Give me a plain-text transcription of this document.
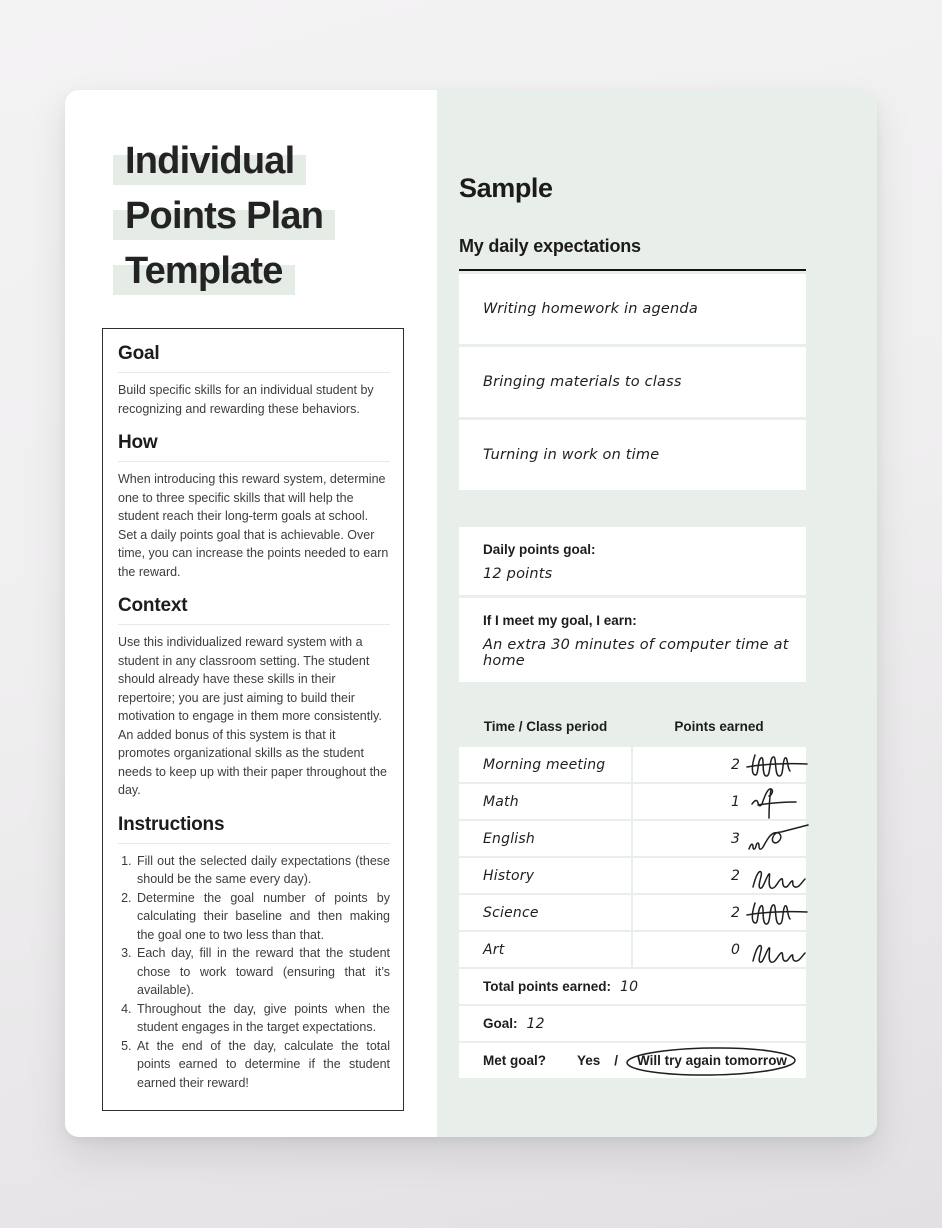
Individual
Points Plan
Template
Goal

Build specific skills for an individual student by recognizing and rewarding these behaviors.

How

When introducing this reward system, determine one to three specific skills that will help the student reach their long-term goals at school. Set a daily points goal that is achievable. Over time, you can increase the points needed to earn the reward.

Context

Use this individualized reward system with a student in any classroom setting. The student should already have these skills in their repertoire; you are just aiming to build their motivation to engage in them more consistently. An added bonus of this system is that it promotes organizational skills as the student needs to keep up with their paper throughout the day.

Instructions
1. Fill out the selected daily expectations (these should be the same every day).
2. Determine the goal number of points by calculating their baseline and then making the goal one to two less than that.
3. Each day, fill in the reward that the student chose to work toward (ensuring that it’s available).
4. Throughout the day, give points when the student engages in the target expectations.
5. At the end of the day, calculate the total points earned to determine if the student earned their reward!
Sample
My daily expectations
Writing homework in agenda
Bringing materials to class
Turning in work on time
Daily points goal:
12 points
If I meet my goal, I earn:
An extra 30 minutes of computer time at home
Time / Class period	Points earned
Morning meeting	2
Math	1
English	3
History	2
Science	2
Art	0
Total points earned: 10
Goal: 12
Met goal?	Yes / Will try again tomorrow
